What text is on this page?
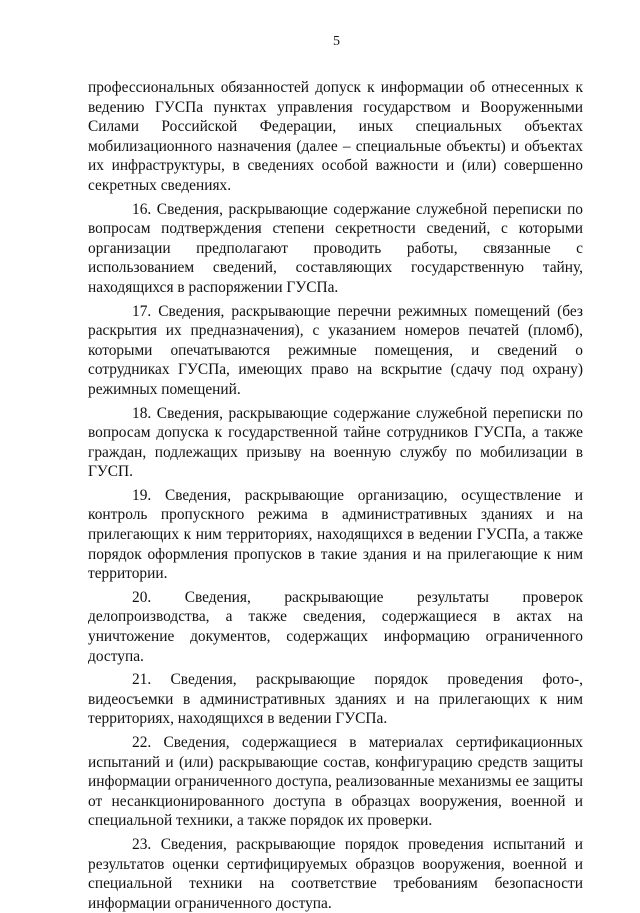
5

профессиональных обязанностей допуск к информации об отнесенных к ведению ГУСПа пунктах управления государством и Вооруженными Силами Российской Федерации, иных специальных объектах мобилизационного назначения (далее – специальные объекты) и объектах их инфраструктуры, в сведениях особой важности и (или) совершенно секретных сведениях.

16. Сведения, раскрывающие содержание служебной переписки по вопросам подтверждения степени секретности сведений, с которыми организации предполагают проводить работы, связанные с использованием сведений, составляющих государственную тайну, находящихся в распоряжении ГУСПа.

17. Сведения, раскрывающие перечни режимных помещений (без раскрытия их предназначения), с указанием номеров печатей (пломб), которыми опечатываются режимные помещения, и сведений о сотрудниках ГУСПа, имеющих право на вскрытие (сдачу под охрану) режимных помещений.

18. Сведения, раскрывающие содержание служебной переписки по вопросам допуска к государственной тайне сотрудников ГУСПа, а также граждан, подлежащих призыву на военную службу по мобилизации в ГУСП.

19. Сведения, раскрывающие организацию, осуществление и контроль пропускного режима в административных зданиях и на прилегающих к ним территориях, находящихся в ведении ГУСПа, а также порядок оформления пропусков в такие здания и на прилегающие к ним территории.

20. Сведения, раскрывающие результаты проверок делопроизводства, а также сведения, содержащиеся в актах на уничтожение документов, содержащих информацию ограниченного доступа.

21. Сведения, раскрывающие порядок проведения фото-, видеосъемки в административных зданиях и на прилегающих к ним территориях, находящихся в ведении ГУСПа.

22. Сведения, содержащиеся в материалах сертификационных испытаний и (или) раскрывающие состав, конфигурацию средств защиты информации ограниченного доступа, реализованные механизмы ее защиты от несанкционированного доступа в образцах вооружения, военной и специальной техники, а также порядок их проверки.

23. Сведения, раскрывающие порядок проведения испытаний и результатов оценки сертифицируемых образцов вооружения, военной и специальной техники на соответствие требованиям безопасности информации ограниченного доступа.
